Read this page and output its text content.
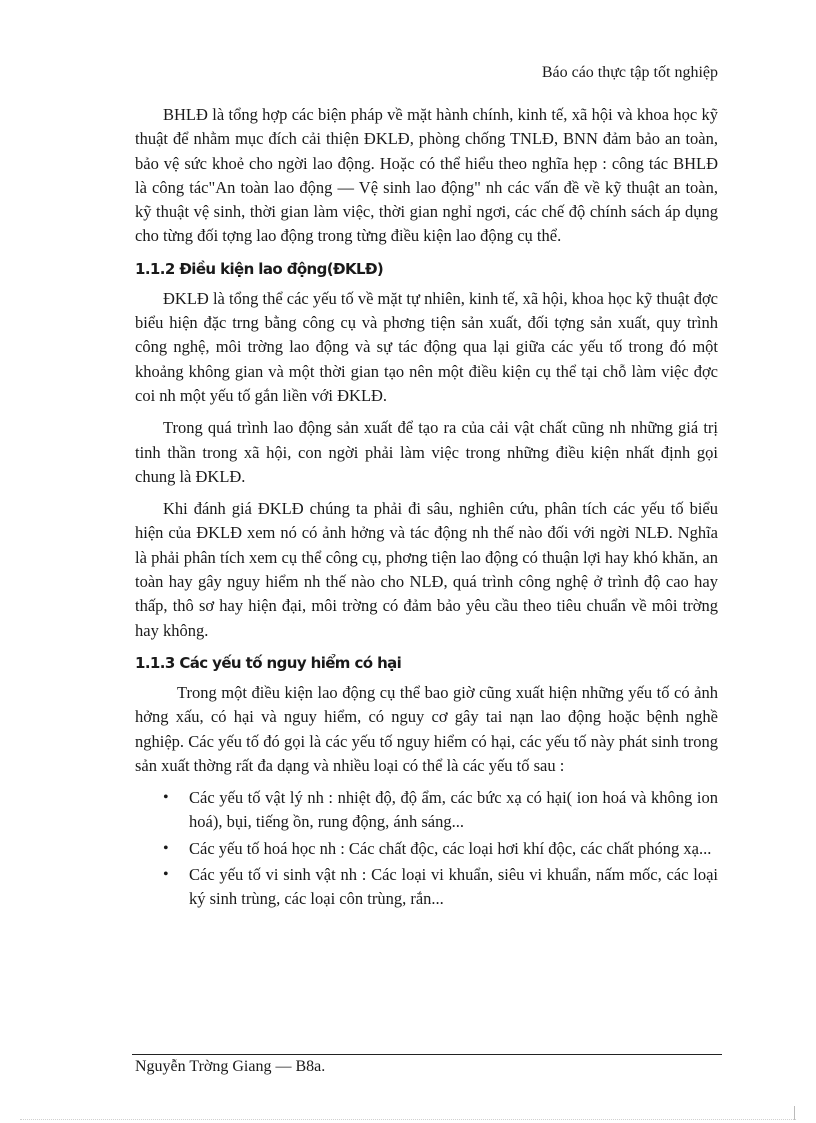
Báo cáo thực tập tốt nghiệp

BHLĐ là tổng hợp các biện pháp về mặt hành chính, kinh tế, xã hội và khoa học kỹ thuật để nhằm mục đích cải thiện ĐKLĐ, phòng chống TNLĐ, BNN đảm bảo an toàn, bảo vệ sức khoẻ cho ngời lao động. Hoặc có thể hiểu theo nghĩa hẹp : công tác BHLĐ là công tác"An toàn lao động — Vệ sinh lao động" nh các vấn đề về kỹ thuật an toàn, kỹ thuật vệ sinh, thời gian làm việc, thời gian nghỉ ngơi, các chế độ chính sách áp dụng cho từng đối tợng lao động trong từng điều kiện lao động cụ thể.

1.1.2 Điều kiện lao động(ĐKLĐ)

ĐKLĐ là tổng thể các yếu tố về mặt tự nhiên, kinh tế, xã hội, khoa học kỹ thuật đợc biểu hiện đặc trng bằng công cụ và phơng tiện sản xuất, đối tợng sản xuất, quy trình công nghệ, môi trờng lao động và sự tác động qua lại giữa các yếu tố trong đó một khoảng không gian và một thời gian tạo nên một điều kiện cụ thể tại chỗ làm việc đợc coi nh một yếu tố gắn liền với ĐKLĐ.

Trong quá trình lao động sản xuất để tạo ra của cải vật chất cũng nh những giá trị tinh thần trong xã hội, con ngời phải làm việc trong những điều kiện nhất định gọi chung là ĐKLĐ.

Khi đánh giá ĐKLĐ chúng ta phải đi sâu, nghiên cứu, phân tích các yếu tố biểu hiện của ĐKLĐ xem nó có ảnh hởng và tác động nh thế nào đối với ngời NLĐ. Nghĩa là phải phân tích xem cụ thể công cụ, phơng tiện lao động có thuận lợi hay khó khăn, an toàn hay gây nguy hiểm nh thế nào cho NLĐ, quá trình công nghệ ở trình độ cao hay thấp, thô sơ hay hiện đại, môi trờng có đảm bảo yêu cầu theo tiêu chuẩn về môi trờng hay không.

1.1.3 Các yếu tố nguy hiểm có hại

Trong một điều kiện lao động cụ thể bao giờ cũng xuất hiện những yếu tố có ảnh hởng xấu, có hại và nguy hiểm, có nguy cơ gây tai nạn lao động hoặc bệnh nghề nghiệp. Các yếu tố đó gọi là các yếu tố nguy hiểm có hại, các yếu tố này phát sinh trong sản xuất thờng rất đa dạng và nhiều loại có thể là các yếu tố sau :

• Các yếu tố vật lý nh : nhiệt độ, độ ẩm, các bức xạ có hại( ion hoá và không ion hoá), bụi, tiếng ồn, rung động, ánh sáng...
• Các yếu tố hoá học nh : Các chất độc, các loại hơi khí độc, các chất phóng xạ...
• Các yếu tố vi sinh vật nh : Các loại vi khuẩn, siêu vi khuẩn, nấm mốc, các loại ký sinh trùng, các loại côn trùng, rắn...
Nguyễn Trờng Giang — B8a.
